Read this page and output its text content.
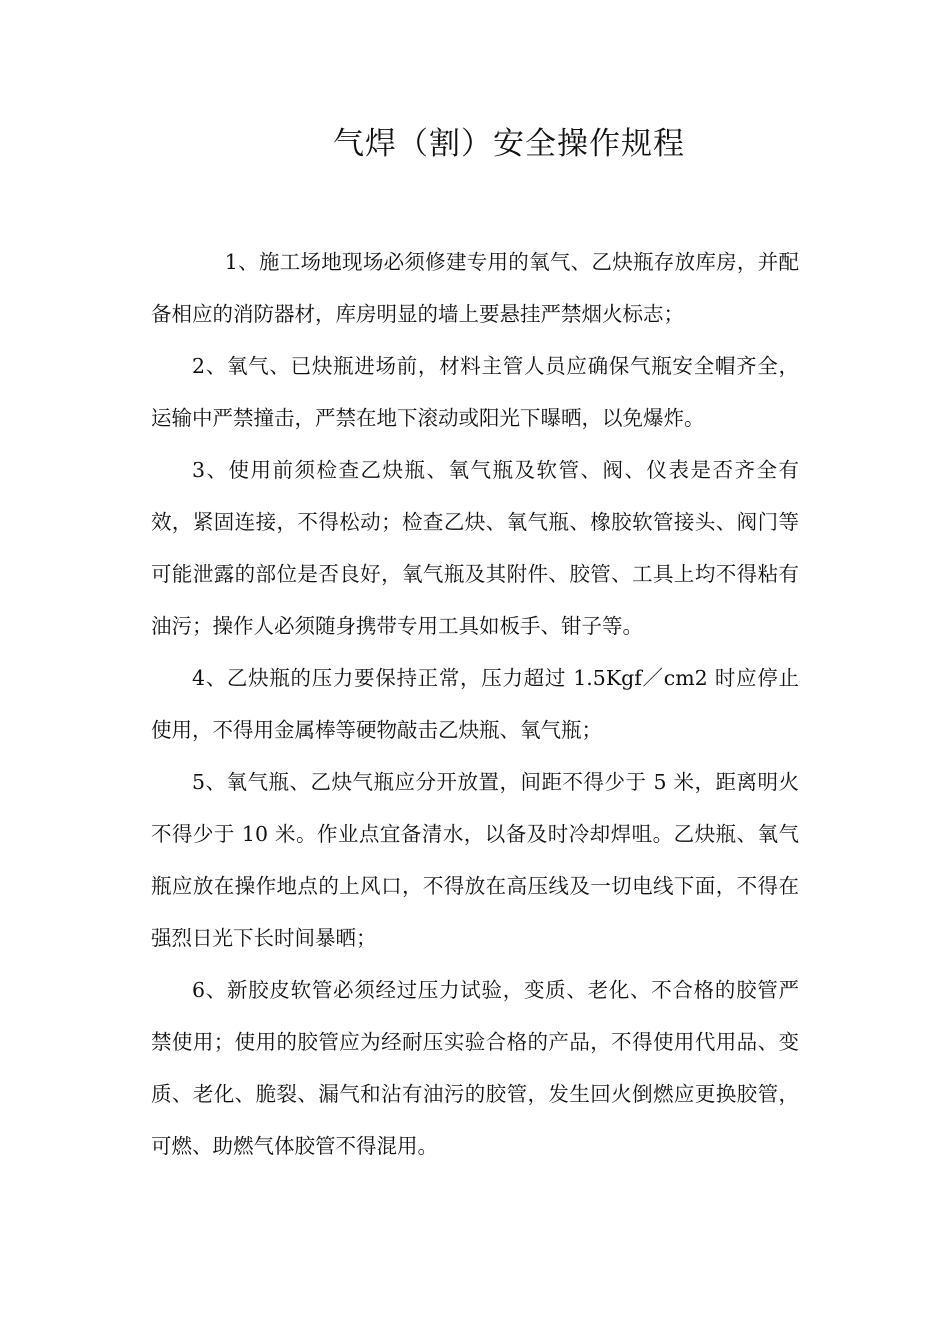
气焊（割）安全操作规程

1、施工场地现场必须修建专用的氧气、乙炔瓶存放库房，并配备相应的消防器材，库房明显的墙上要悬挂严禁烟火标志；

2、氧气、已炔瓶进场前，材料主管人员应确保气瓶安全帽齐全，运输中严禁撞击，严禁在地下滚动或阳光下曝晒，以免爆炸。

3、使用前须检查乙炔瓶、氧气瓶及软管、阀、仪表是否齐全有效，紧固连接，不得松动；检查乙炔、氧气瓶、橡胶软管接头、阀门等可能泄露的部位是否良好，氧气瓶及其附件、胶管、工具上均不得粘有油污；操作人必须随身携带专用工具如板手、钳子等。

4、乙炔瓶的压力要保持正常，压力超过 1.5Kgf／cm2 时应停止使用，不得用金属棒等硬物敲击乙炔瓶、氧气瓶；

5、氧气瓶、乙炔气瓶应分开放置，间距不得少于 5 米，距离明火不得少于 10 米。作业点宜备清水，以备及时冷却焊咀。乙炔瓶、氧气瓶应放在操作地点的上风口，不得放在高压线及一切电线下面，不得在强烈日光下长时间暴晒；

6、新胶皮软管必须经过压力试验，变质、老化、不合格的胶管严禁使用；使用的胶管应为经耐压实验合格的产品，不得使用代用品、变质、老化、脆裂、漏气和沾有油污的胶管，发生回火倒燃应更换胶管，可燃、助燃气体胶管不得混用。
